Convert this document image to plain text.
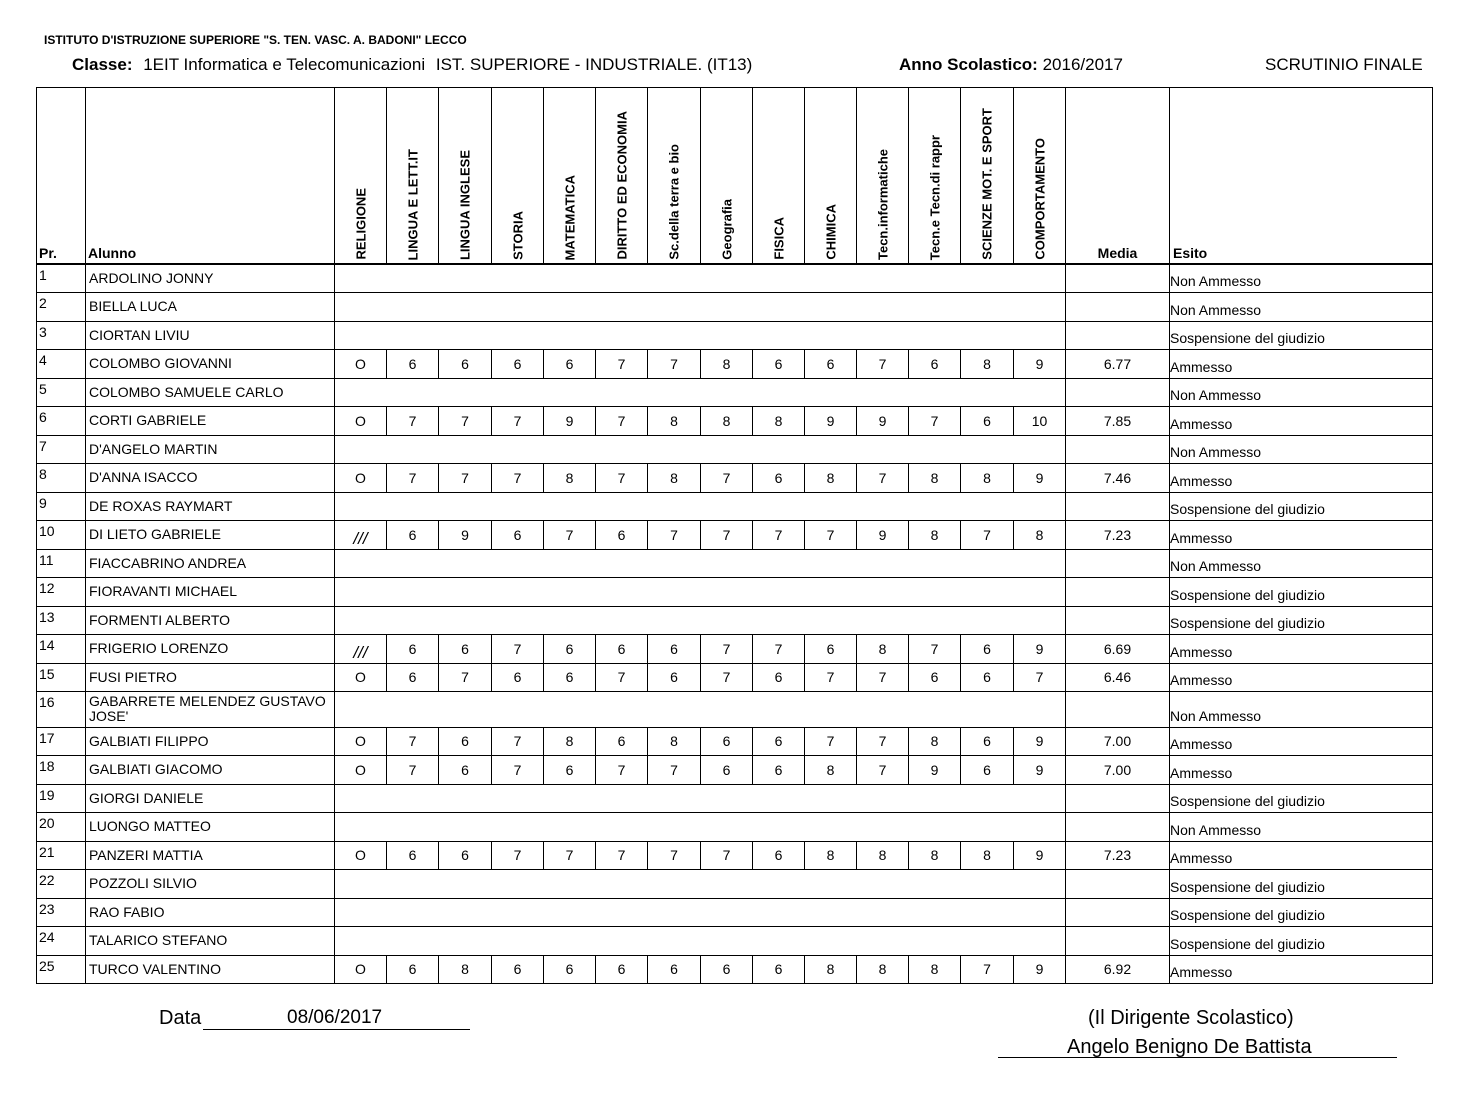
ISTITUTO D'ISTRUZIONE SUPERIORE "S. TEN. VASC. A. BADONI" LECCO
Classe: 1EIT Informatica e Telecomunicazioni IST. SUPERIORE - INDUSTRIALE. (IT13)	Anno Scolastico: 2016/2017	SCRUTINIO FINALE
Pr.	Alunno	RELIGIONE	LINGUA E LETT.IT	LINGUA INGLESE	STORIA	MATEMATICA	DIRITTO ED ECONOMIA	Sc.della terra e bio	Geografia	FISICA	CHIMICA	Tecn.informatiche	Tecn.e Tecn.di rappr	SCIENZE MOT. E SPORT	COMPORTAMENTO	Media	Esito
1	ARDOLINO JONNY																Non Ammesso
2	BIELLA LUCA																Non Ammesso
3	CIORTAN LIVIU																Sospensione del giudizio
4	COLOMBO GIOVANNI	O	6	6	6	6	7	7	8	6	6	7	6	8	9	6.77	Ammesso
5	COLOMBO SAMUELE CARLO																Non Ammesso
6	CORTI GABRIELE	O	7	7	7	9	7	8	8	8	9	9	7	6	10	7.85	Ammesso
7	D'ANGELO MARTIN																Non Ammesso
8	D'ANNA ISACCO	O	7	7	7	8	7	8	7	6	8	7	8	8	9	7.46	Ammesso
9	DE ROXAS RAYMART																Sospensione del giudizio
10	DI LIETO GABRIELE	///	6	9	6	7	6	7	7	7	7	9	8	7	8	7.23	Ammesso
11	FIACCABRINO ANDREA																Non Ammesso
12	FIORAVANTI MICHAEL																Sospensione del giudizio
13	FORMENTI ALBERTO																Sospensione del giudizio
14	FRIGERIO LORENZO	///	6	6	7	6	6	6	7	7	6	8	7	6	9	6.69	Ammesso
15	FUSI PIETRO	O	6	7	6	6	7	6	7	6	7	7	6	6	7	6.46	Ammesso
16	GABARRETE MELENDEZ GUSTAVO JOSE'																Non Ammesso
17	GALBIATI FILIPPO	O	7	6	7	8	6	8	6	6	7	7	8	6	9	7.00	Ammesso
18	GALBIATI GIACOMO	O	7	6	7	6	7	7	6	6	8	7	9	6	9	7.00	Ammesso
19	GIORGI DANIELE																Sospensione del giudizio
20	LUONGO MATTEO																Non Ammesso
21	PANZERI MATTIA	O	6	6	7	7	7	7	7	6	8	8	8	8	9	7.23	Ammesso
22	POZZOLI SILVIO																Sospensione del giudizio
23	RAO FABIO																Sospensione del giudizio
24	TALARICO STEFANO																Sospensione del giudizio
25	TURCO VALENTINO	O	6	8	6	6	6	6	6	6	8	8	8	7	9	6.92	Ammesso
Data	08/06/2017	(Il Dirigente Scolastico)
Angelo Benigno De Battista
